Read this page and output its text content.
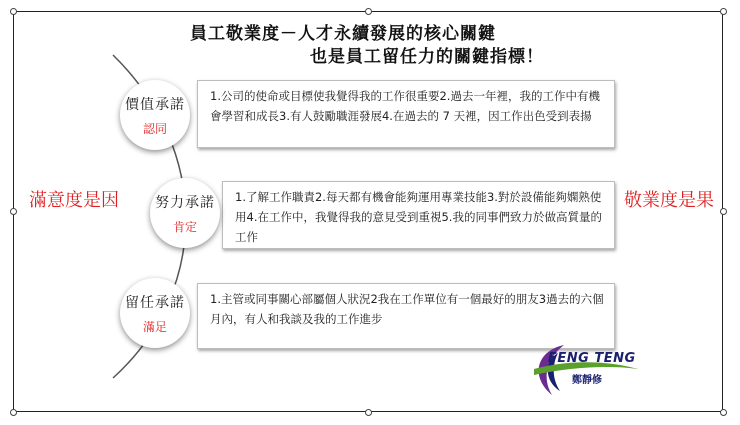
員工敬業度－人才永續發展的核心關鍵
也是員工留任力的關鍵指標！
滿意度是因	敬業度是果
1.公司的使命或目標使我覺得我的工作很重要2.過去一年裡，我的工作中有機會學習和成長3.有人鼓勵職涯發展4.在過去的 7 天裡，因工作出色受到表揚
1.了解工作職責2.每天都有機會能夠運用專業技能3.對於設備能夠嫻熟使用4.在工作中，我覺得我的意見受到重視5.我的同事們致力於做高質量的工作
1.主管或同事關心部屬個人狀況2我在工作單位有一個最好的朋友3過去的六個月內，有人和我談及我的工作進步
價值承諾
認同
努力承諾
肯定
留任承諾
滿足
FENG TENG
鄭靜修
